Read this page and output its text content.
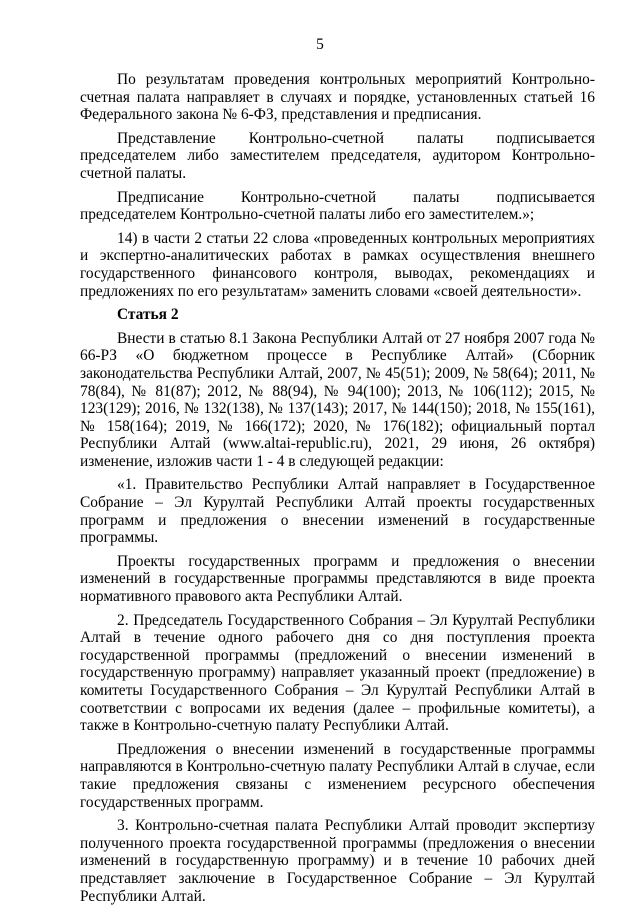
5

По результатам проведения контрольных мероприятий Контрольно-счетная палата направляет в случаях и порядке, установленных статьей 16 Федерального закона № 6-ФЗ, представления и предписания.

Представление Контрольно-счетной палаты подписывается председателем либо заместителем председателя, аудитором Контрольно-счетной палаты.

Предписание Контрольно-счетной палаты подписывается председателем Контрольно-счетной палаты либо его заместителем.»;

14) в части 2 статьи 22 слова «проведенных контрольных мероприятиях и экспертно-аналитических работах в рамках осуществления внешнего государственного финансового контроля, выводах, рекомендациях и предложениях по его результатам» заменить словами «своей деятельности».

Статья 2

Внести в статью 8.1 Закона Республики Алтай от 27 ноября 2007 года № 66-РЗ «О бюджетном процессе в Республике Алтай» (Сборник законодательства Республики Алтай, 2007, № 45(51); 2009, № 58(64); 2011, № 78(84), № 81(87); 2012, № 88(94), № 94(100); 2013, № 106(112); 2015, № 123(129); 2016, № 132(138), № 137(143); 2017, № 144(150); 2018, № 155(161), № 158(164); 2019, № 166(172); 2020, № 176(182); официальный портал Республики Алтай (www.altai-republic.ru), 2021, 29 июня, 26 октября) изменение, изложив части 1 - 4 в следующей редакции:

«1. Правительство Республики Алтай направляет в Государственное Собрание – Эл Курултай Республики Алтай проекты государственных программ и предложения о внесении изменений в государственные программы.

Проекты государственных программ и предложения о внесении изменений в государственные программы представляются в виде проекта нормативного правового акта Республики Алтай.

2. Председатель Государственного Собрания – Эл Курултай Республики Алтай в течение одного рабочего дня со дня поступления проекта государственной программы (предложений о внесении изменений в государственную программу) направляет указанный проект (предложение) в комитеты Государственного Собрания – Эл Курултай Республики Алтай в соответствии с вопросами их ведения (далее – профильные комитеты), а также в Контрольно-счетную палату Республики Алтай.

Предложения о внесении изменений в государственные программы направляются в Контрольно-счетную палату Республики Алтай в случае, если такие предложения связаны с изменением ресурсного обеспечения государственных программ.

3. Контрольно-счетная палата Республики Алтай проводит экспертизу полученного проекта государственной программы (предложения о внесении изменений в государственную программу) и в течение 10 рабочих дней представляет заключение в Государственное Собрание – Эл Курултай Республики Алтай.
